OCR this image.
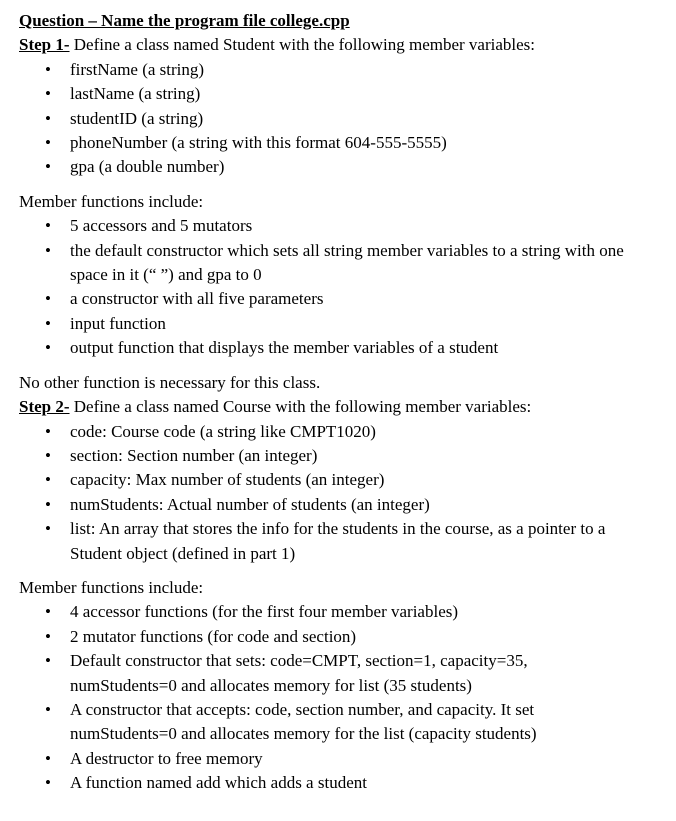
Question – Name the program file college.cpp
Step 1- Define a class named Student with the following member variables:
• firstName (a string)
• lastName (a string)
• studentID (a string)
• phoneNumber (a string with this format 604-555-5555)
• gpa (a double number)
Member functions include:
• 5 accessors and 5 mutators
• the default constructor which sets all string member variables to a string with one space in it (“ ”) and gpa to 0
• a constructor with all five parameters
• input function
• output function that displays the member variables of a student
No other function is necessary for this class.
Step 2- Define a class named Course with the following member variables:
• code: Course code (a string like CMPT1020)
• section: Section number (an integer)
• capacity: Max number of students (an integer)
• numStudents: Actual number of students (an integer)
• list: An array that stores the info for the students in the course, as a pointer to a Student object (defined in part 1)
Member functions include:
• 4 accessor functions (for the first four member variables)
• 2 mutator functions (for code and section)
• Default constructor that sets: code=CMPT, section=1, capacity=35, numStudents=0 and allocates memory for list (35 students)
• A constructor that accepts: code, section number, and capacity. It set numStudents=0 and allocates memory for the list (capacity students)
• A destructor to free memory
• A function named add which adds a student
